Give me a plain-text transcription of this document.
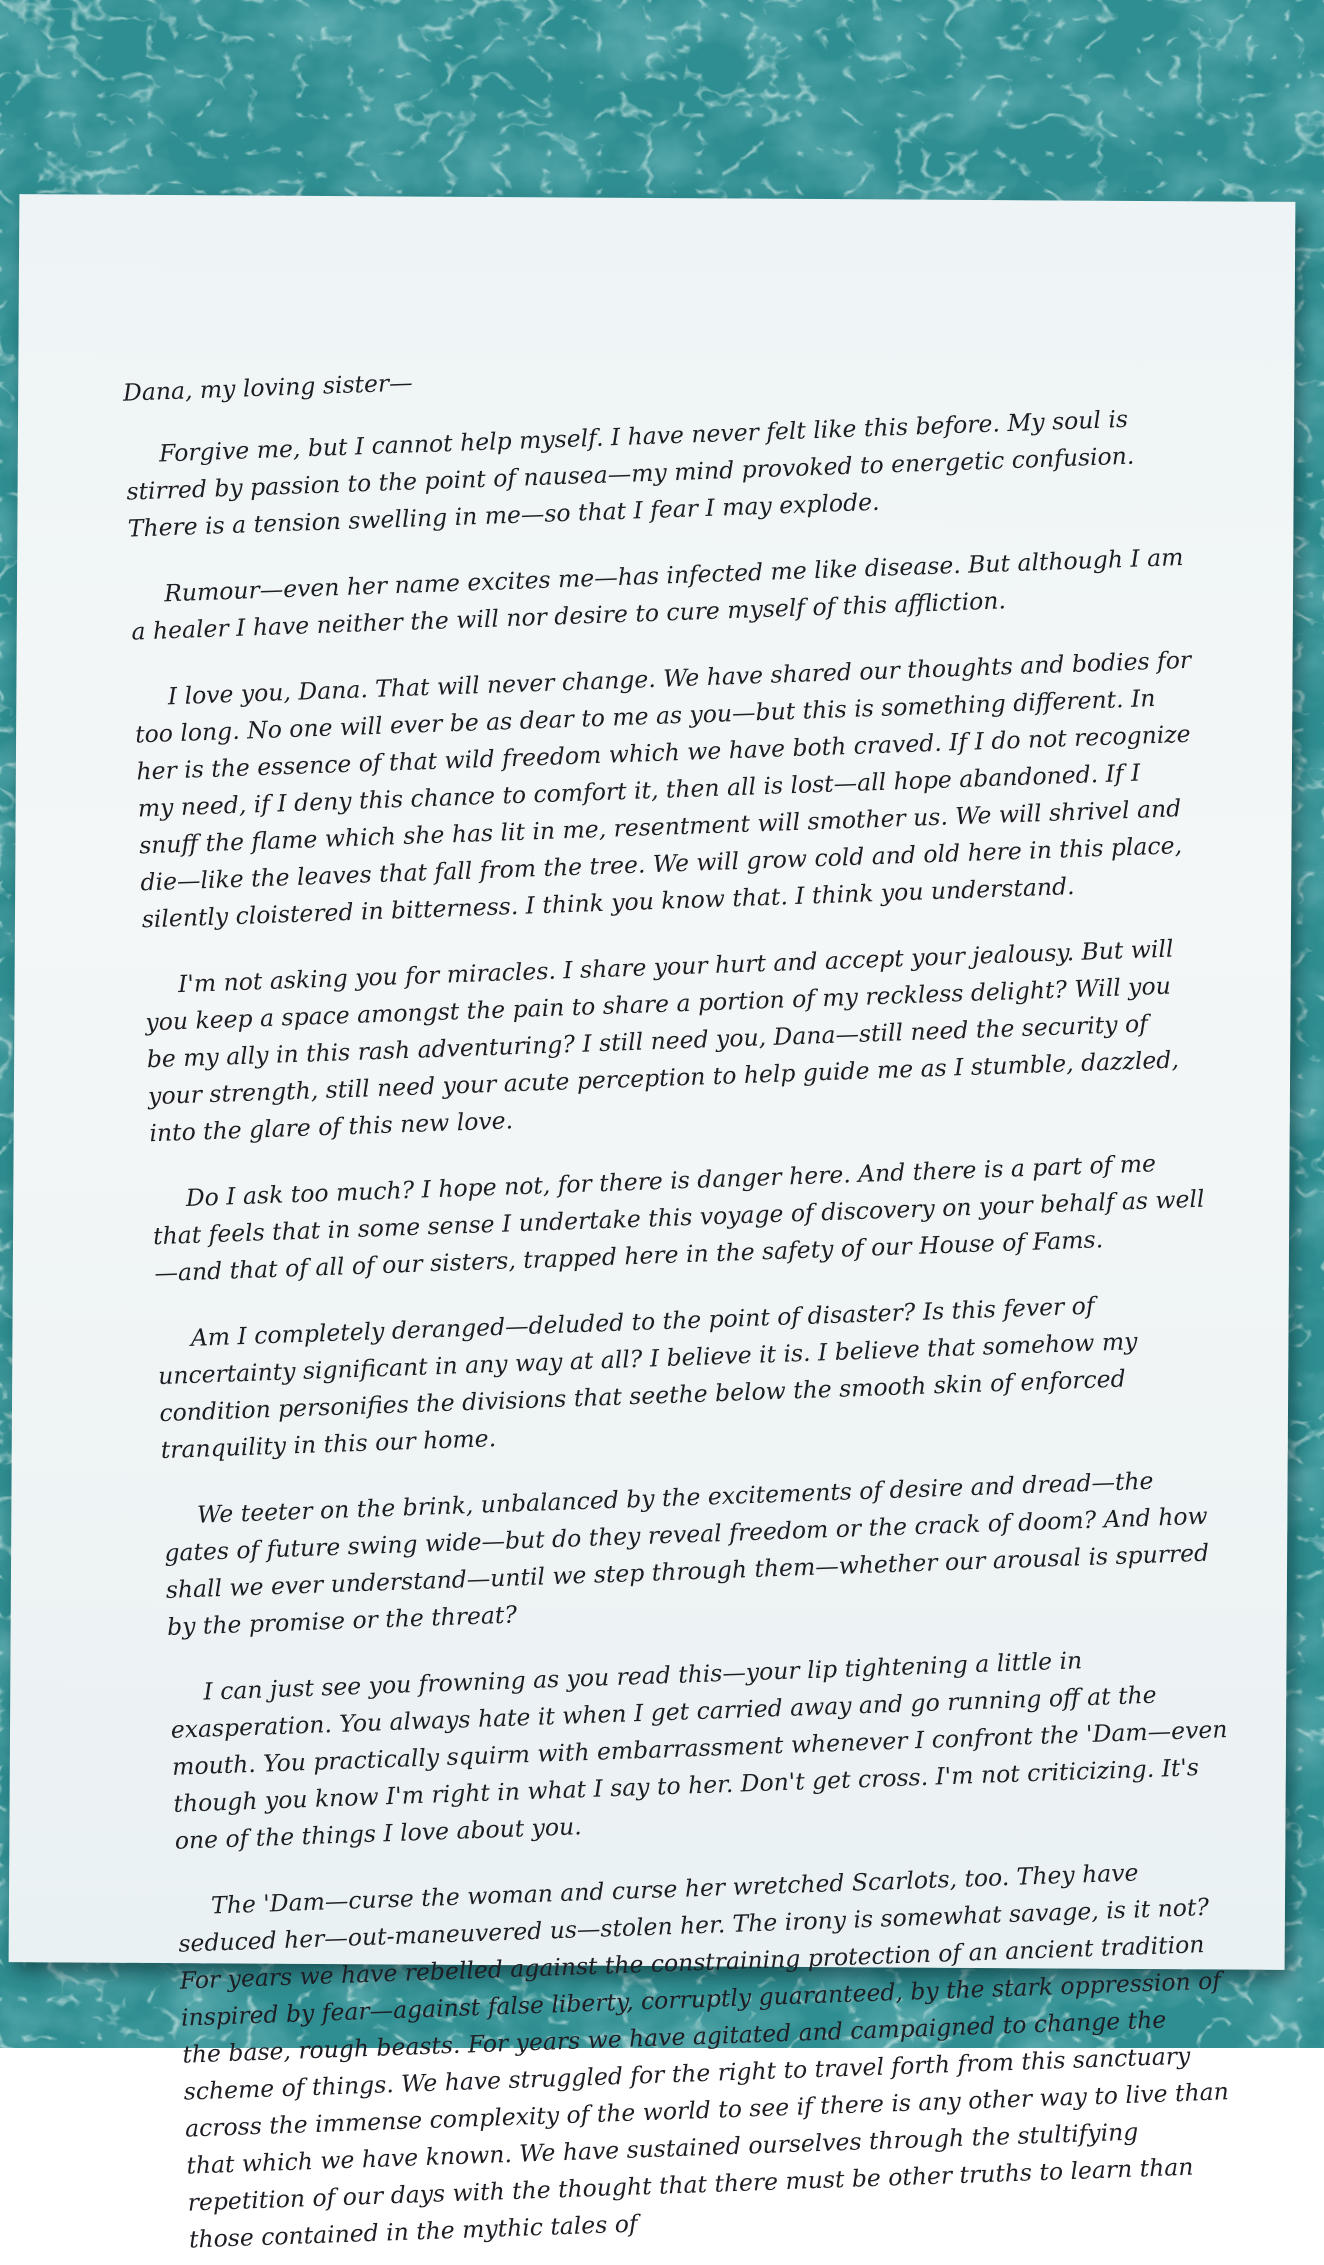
Dana, my loving sister—

Forgive me, but I cannot help myself. I have never felt like this before. My soul is stirred by passion to the point of nausea—my mind provoked to energetic confusion. There is a tension swelling in me—so that I fear I may explode.

Rumour—even her name excites me—has infected me like disease. But although I am a healer I have neither the will nor desire to cure myself of this affliction.

I love you, Dana. That will never change. We have shared our thoughts and bodies for too long. No one will ever be as dear to me as you—but this is something different. In her is the essence of that wild freedom which we have both craved. If I do not recognize my need, if I deny this chance to comfort it, then all is lost—all hope abandoned. If I snuff the flame which she has lit in me, resentment will smother us. We will shrivel and die—like the leaves that fall from the tree. We will grow cold and old here in this place, silently cloistered in bitterness. I think you know that. I think you understand.

I'm not asking you for miracles. I share your hurt and accept your jealousy. But will you keep a space amongst the pain to share a portion of my reckless delight? Will you be my ally in this rash adventuring? I still need you, Dana—still need the security of your strength, still need your acute perception to help guide me as I stumble, dazzled, into the glare of this new love.

Do I ask too much? I hope not, for there is danger here. And there is a part of me that feels that in some sense I undertake this voyage of discovery on your behalf as well—and that of all of our sisters, trapped here in the safety of our House of Fams.

Am I completely deranged—deluded to the point of disaster? Is this fever of uncertainty significant in any way at all? I believe it is. I believe that somehow my condition personifies the divisions that seethe below the smooth skin of enforced tranquility in this our home.

We teeter on the brink, unbalanced by the excitements of desire and dread—the gates of future swing wide—but do they reveal freedom or the crack of doom? And how shall we ever understand—until we step through them—whether our arousal is spurred by the promise or the threat?

I can just see you frowning as you read this—your lip tightening a little in exasperation. You always hate it when I get carried away and go running off at the mouth. You practically squirm with embarrassment whenever I confront the 'Dam—even though you know I'm right in what I say to her. Don't get cross. I'm not criticizing. It's one of the things I love about you.

The 'Dam—curse the woman and curse her wretched Scarlots, too. They have seduced her—out-maneuvered us—stolen her. The irony is somewhat savage, is it not? For years we have rebelled against the constraining protection of an ancient tradition inspired by fear—against false liberty, corruptly guaranteed, by the stark oppression of the base, rough beasts. For years we have agitated and campaigned to change the scheme of things. We have struggled for the right to travel forth from this sanctuary across the immense complexity of the world to see if there is any other way to live than that which we have known. We have sustained ourselves through the stultifying repetition of our days with the thought that there must be other truths to learn than those contained in the mythic tales of
